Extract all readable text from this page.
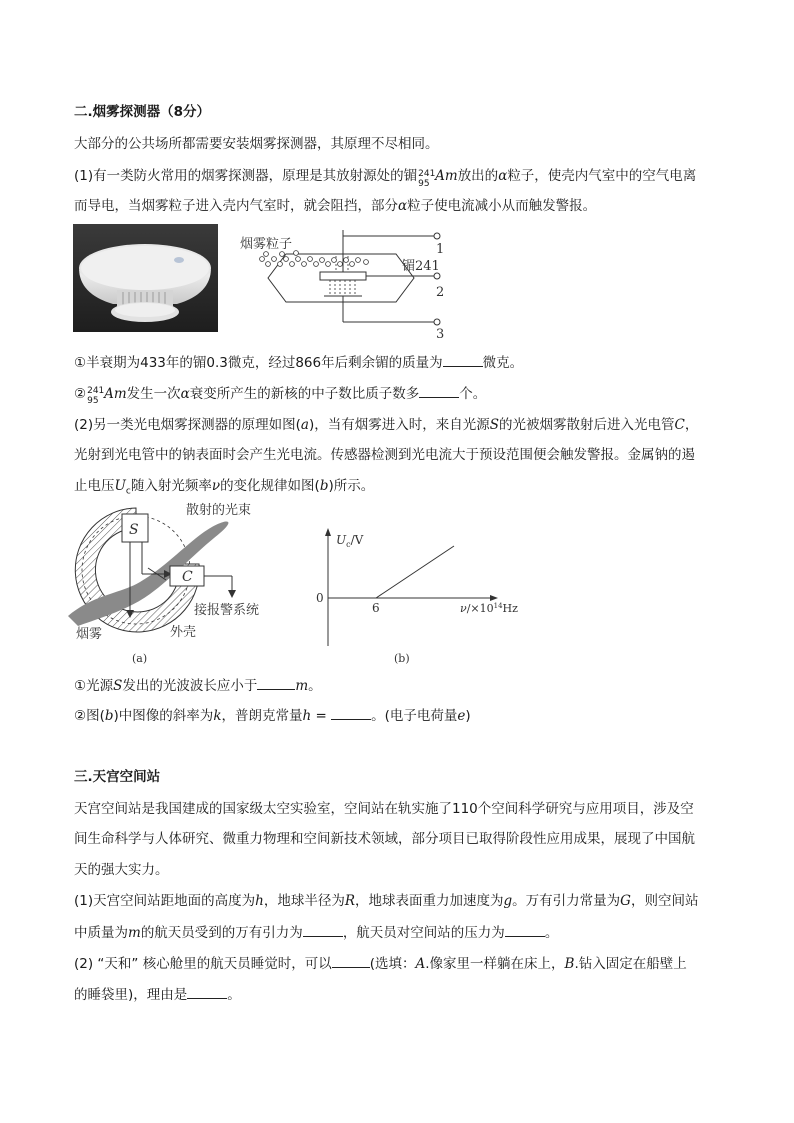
二.烟雾探测器（8分）
大部分的公共场所都需要安装烟雾探测器，其原理不尽相同。
(1)有一类防火常用的烟雾探测器，原理是其放射源处的镅 241
95 Am放出的α粒子，使壳内气室中的空气电离
而导电，当烟雾粒子进入壳内气室时，就会阻挡，部分α粒子使电流减小从而触发警报。
烟雾粒子
镅241
1
2
3
①半衰期为433年的镅0.3微克，经过866年后剩余镅的质量为	微克。
② 241
95 Am发生一次α衰变所产生的新核的中子数比质子数多	个。
(2)另一类光电烟雾探测器的原理如图(a)，当有烟雾进入时，来自光源S的光被烟雾散射后进入光电管C，
光射到光电管中的钠表面时会产生光电流。传感器检测到光电流大于预设范围便会触发警报。金属钠的遏
止电压$U_c$随入射光频率ν的变化规律如图(b)所示。
S
C
散射的光束
接报警系统
烟雾	外壳
(a)
$U_c/V$
0
6	$\nu/\times 10^{14}Hz$
(b)
①光源S发出的光波波长应小于	m。
②图(b)中图像的斜率为k，普朗克常量h =	。(电子电荷量e)
三.天宫空间站
天宫空间站是我国建成的国家级太空实验室，空间站在轨实施了110个空间科学研究与应用项目，涉及空
间生命科学与人体研究、微重力物理和空间新技术领域，部分项目已取得阶段性应用成果，展现了中国航
天的强大实力。
(1)天宫空间站距地面的高度为h，地球半径为R，地球表面重力加速度为g。万有引力常量为G，则空间站
中质量为m的航天员受到的万有引力为	，航天员对空间站的压力为	。
(2) “天和” 核心舱里的航天员睡觉时，可以	(选填：A.像家里一样躺在床上，B.钻入固定在船壁上
的睡袋里)，理由是	。
